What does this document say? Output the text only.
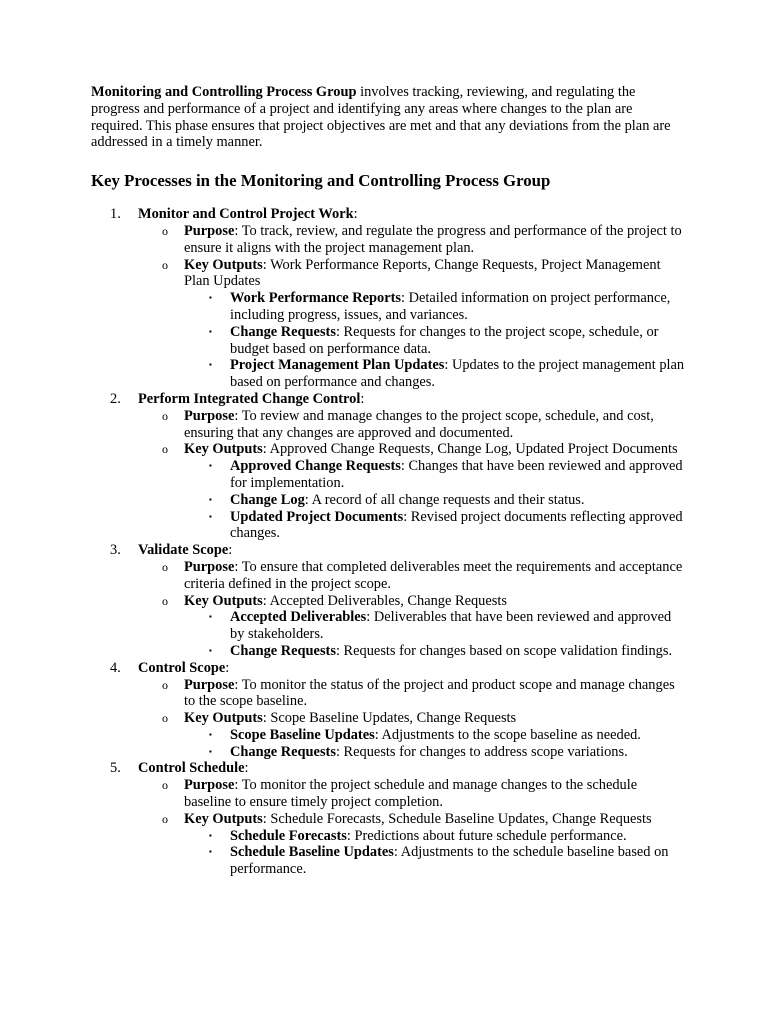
Monitoring and Controlling Process Group involves tracking, reviewing, and regulating the progress and performance of a project and identifying any areas where changes to the plan are required. This phase ensures that project objectives are met and that any deviations from the plan are addressed in a timely manner.

Key Processes in the Monitoring and Controlling Process Group
1. Monitor and Control Project Work:
o Purpose: To track, review, and regulate the progress and performance of the project to ensure it aligns with the project management plan.
o Key Outputs: Work Performance Reports, Change Requests, Project Management Plan Updates
▪ Work Performance Reports: Detailed information on project performance, including progress, issues, and variances.
▪ Change Requests: Requests for changes to the project scope, schedule, or budget based on performance data.
▪ Project Management Plan Updates: Updates to the project management plan based on performance and changes.
2. Perform Integrated Change Control:
o Purpose: To review and manage changes to the project scope, schedule, and cost, ensuring that any changes are approved and documented.
o Key Outputs: Approved Change Requests, Change Log, Updated Project Documents
▪ Approved Change Requests: Changes that have been reviewed and approved for implementation.
▪ Change Log: A record of all change requests and their status.
▪ Updated Project Documents: Revised project documents reflecting approved changes.
3. Validate Scope:
o Purpose: To ensure that completed deliverables meet the requirements and acceptance criteria defined in the project scope.
o Key Outputs: Accepted Deliverables, Change Requests
▪ Accepted Deliverables: Deliverables that have been reviewed and approved by stakeholders.
▪ Change Requests: Requests for changes based on scope validation findings.
4. Control Scope:
o Purpose: To monitor the status of the project and product scope and manage changes to the scope baseline.
o Key Outputs: Scope Baseline Updates, Change Requests
▪ Scope Baseline Updates: Adjustments to the scope baseline as needed.
▪ Change Requests: Requests for changes to address scope variations.
5. Control Schedule:
o Purpose: To monitor the project schedule and manage changes to the schedule baseline to ensure timely project completion.
o Key Outputs: Schedule Forecasts, Schedule Baseline Updates, Change Requests
▪ Schedule Forecasts: Predictions about future schedule performance.
▪ Schedule Baseline Updates: Adjustments to the schedule baseline based on performance.
